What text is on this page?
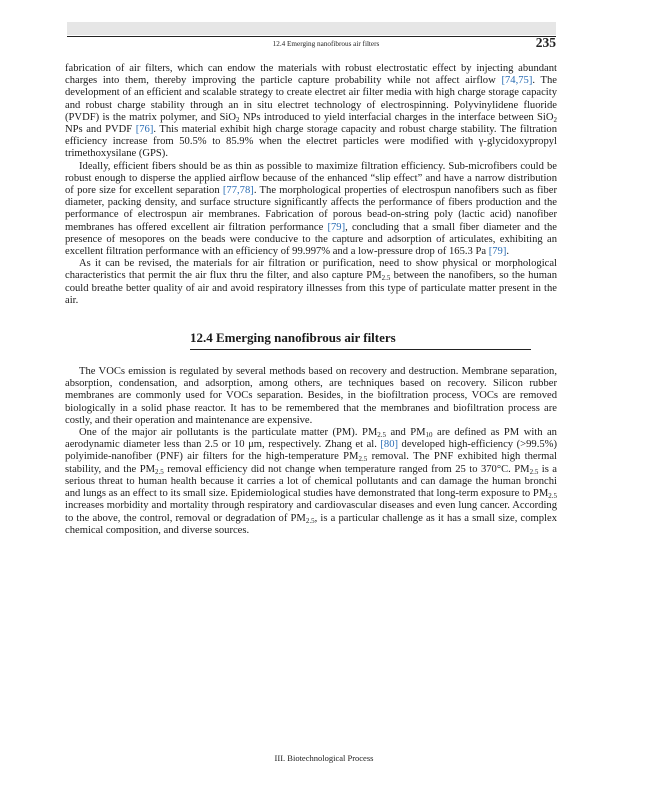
12.4 Emerging nanofibrous air filters	235

fabrication of air filters, which can endow the materials with robust electrostatic effect by injecting abundant charges into them, thereby improving the particle capture probability while not affect airflow [74,75]. The development of an efficient and scalable strategy to create electret air filter media with high charge storage capacity and robust charge stability through an in situ electret technology of electrospinning. Polyvinylidene fluoride (PVDF) is the matrix polymer, and SiO$_2$ NPs introduced to yield interfacial charges in the interface between SiO$_2$ NPs and PVDF [76]. This material exhibit high charge storage capacity and robust charge stability. The filtration efficiency increase from 50.5% to 85.9% when the electret particles were modified with γ-glycidoxypropyl trimethoxysilane (GPS).

Ideally, efficient fibers should be as thin as possible to maximize filtration efficiency. Sub-microfibers could be robust enough to disperse the applied airflow because of the enhanced “slip effect” and have a narrow distribution of pore size for excellent separation [77,78]. The morphological properties of electrospun nanofibers such as fiber diameter, packing density, and surface structure significantly affects the performance of fibers production and the performance of electrospun air membranes. Fabrication of porous bead-on-string poly (lactic acid) nanofiber membranes has offered excellent air filtration performance [79], concluding that a small fiber diameter and the presence of mesopores on the beads were conducive to the capture and adsorption of articulates, exhibiting an excellent filtration performance with an efficiency of 99.997% and a low-pressure drop of 165.3 Pa [79].

As it can be revised, the materials for air filtration or purification, need to show physical or morphological characteristics that permit the air flux thru the filter, and also capture $PM_{2.5}$ between the nanofibers, so the human could breathe better quality of air and avoid respiratory illnesses from this type of particulate matter present in the air.

12.4 Emerging nanofibrous air filters

The VOCs emission is regulated by several methods based on recovery and destruction. Membrane separation, absorption, condensation, and adsorption, among others, are techniques based on recovery. Silicon rubber membranes are commonly used for VOCs separation. Besides, in the biofiltration process, VOCs are removed biologically in a solid phase reactor. It has to be remembered that the membranes and biofiltration process are costly, and their operation and maintenance are expensive.

One of the major air pollutants is the particulate matter (PM). $PM_{2.5}$ and $PM_{10}$ are defined as PM with an aerodynamic diameter less than 2.5 or 10 μm, respectively. Zhang et al. [80] developed high-efficiency (>99.5%) polyimide-nanofiber (PNF) air filters for the high-temperature $PM_{2.5}$ removal. The PNF exhibited high thermal stability, and the $PM_{2.5}$ removal efficiency did not change when temperature ranged from 25 to 370°C. $PM_{2.5}$ is a serious threat to human health because it carries a lot of chemical pollutants and can damage the human bronchi and lungs as an effect to its small size. Epidemiological studies have demonstrated that long-term exposure to $PM_{2.5}$ increases morbidity and mortality through respiratory and cardiovascular diseases and even lung cancer. According to the above, the control, removal or degradation of $PM_{2.5}$, is a particular challenge as it has a small size, complex chemical composition, and diverse sources.

III. Biotechnological Process
